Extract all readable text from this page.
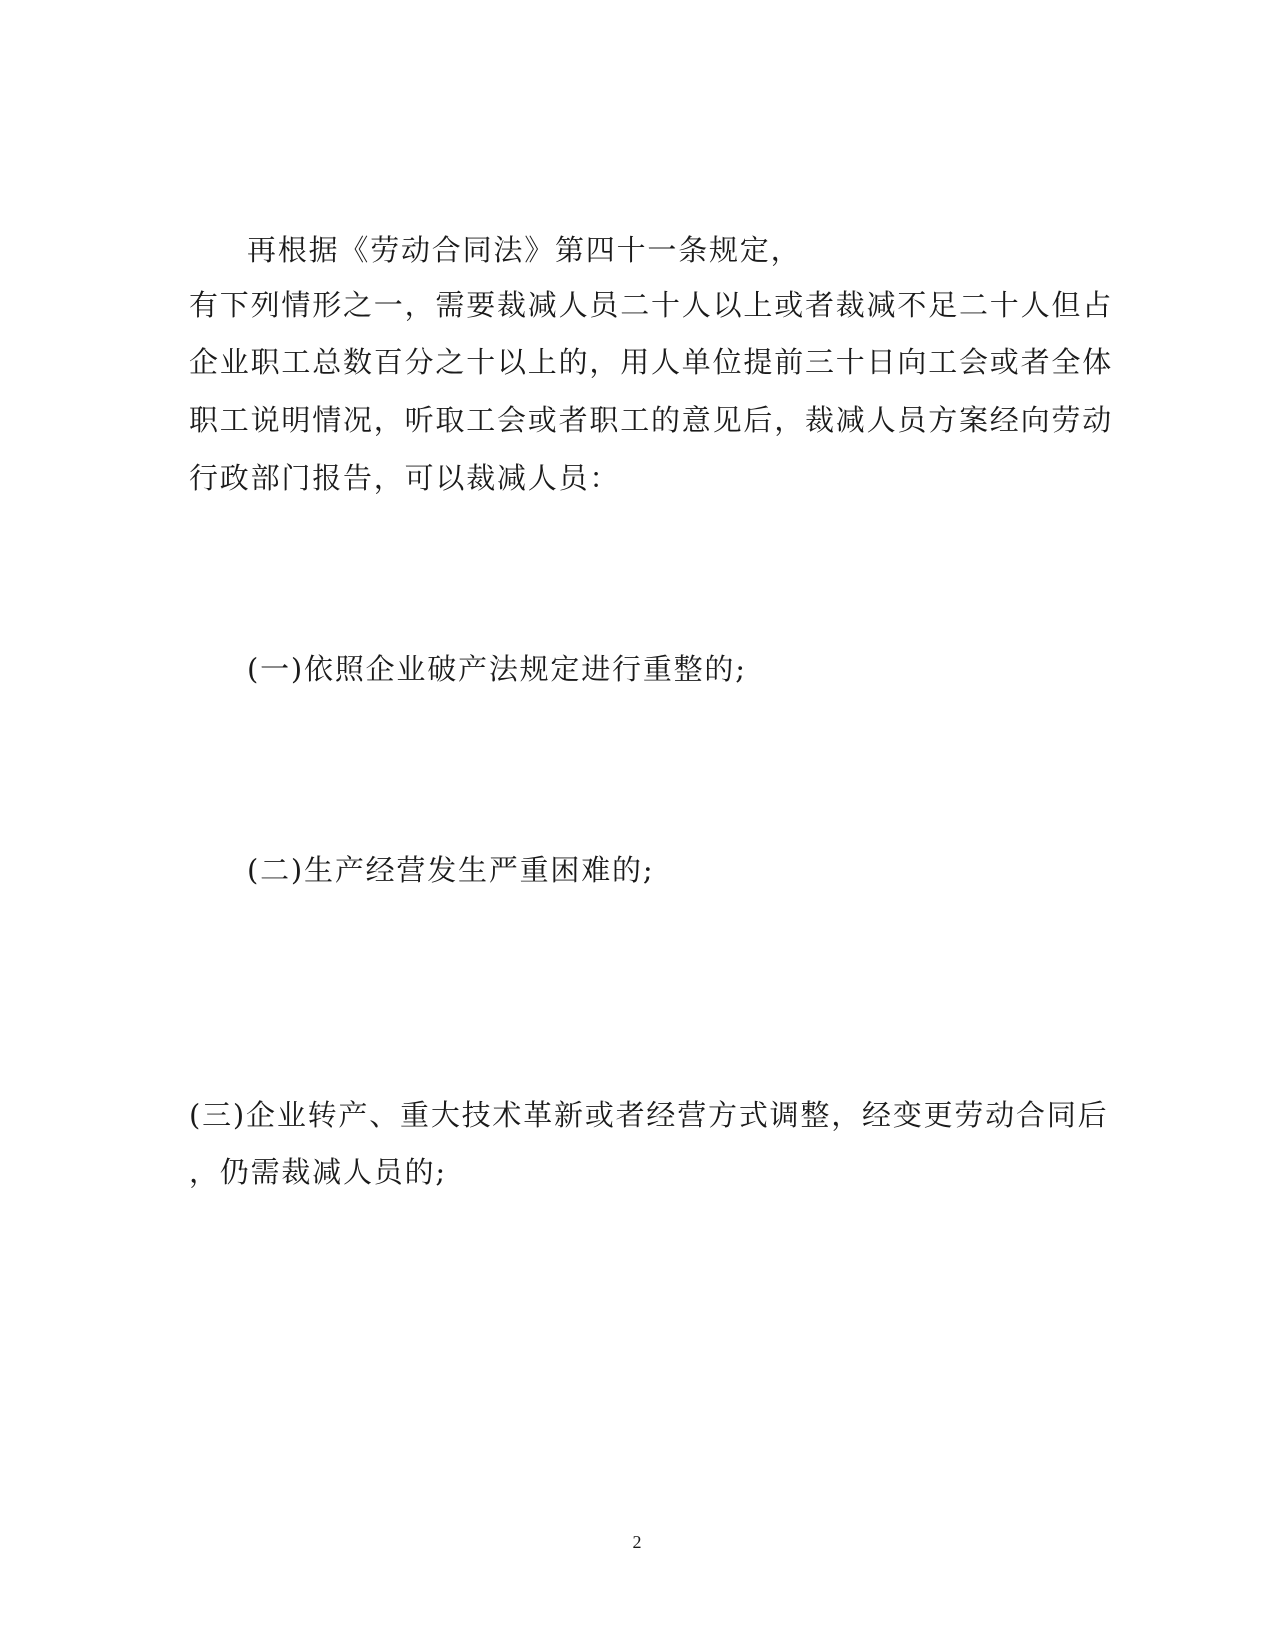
再根据《劳动合同法》第四十一条规定，
有下列情形之一，需要裁减人员二十人以上或者裁减不足二十人但占
企业职工总数百分之十以上的，用人单位提前三十日向工会或者全体
职工说明情况，听取工会或者职工的意见后，裁减人员方案经向劳动
行政部门报告，可以裁减人员：
(一)依照企业破产法规定进行重整的;
(二)生产经营发生严重困难的;
(三)企业转产、重大技术革新或者经营方式调整，经变更劳动合同后
，仍需裁减人员的;
2
